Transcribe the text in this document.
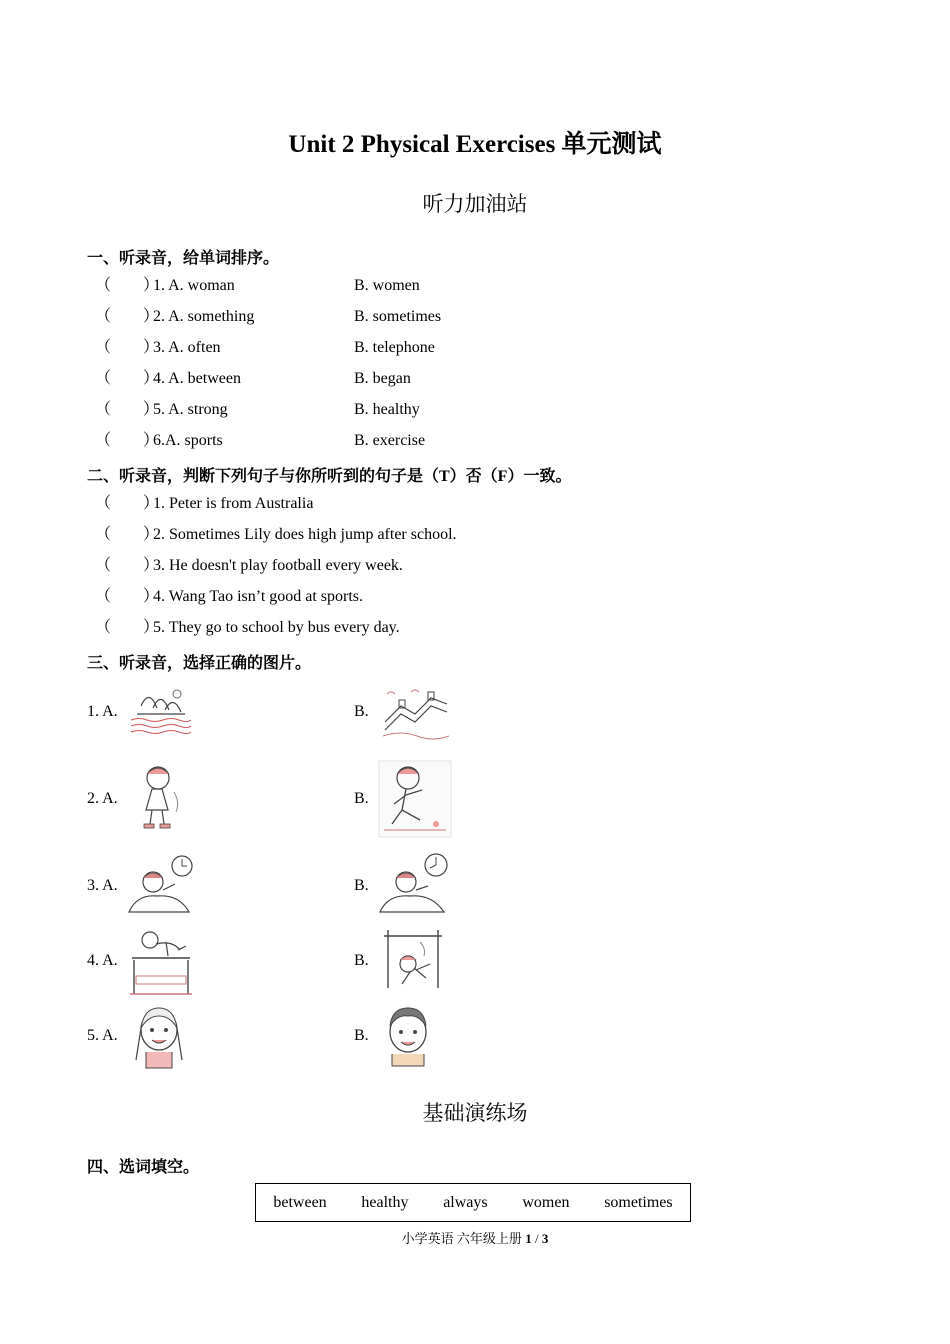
Unit 2 Physical Exercises 单元测试
听力加油站
一、听录音，给单词排序。
（　　）1. A. woman	B. women
（　　）2. A. something	B. sometimes
（　　）3. A. often	B. telephone
（　　）4. A. between	B. began
（　　）5. A. strong	B. healthy
（　　）6.A. sports	B. exercise
二、听录音，判断下列句子与你所听到的句子是（T）否（F）一致。
（　　）1. Peter is from Australia
（　　）2. Sometimes Lily does high jump after school.
（　　）3. He doesn't play football every week.
（　　）4. Wang Tao isn’t good at sports.
（　　）5. They go to school by bus every day.
三、听录音，选择正确的图片。
1. A.	B.
2. A.	B.
3. A.	B.
4. A.	B.
5. A.	B.
基础演练场
四、选词填空。
between healthy always women sometimes
小学英语 六年级上册 1 / 3
